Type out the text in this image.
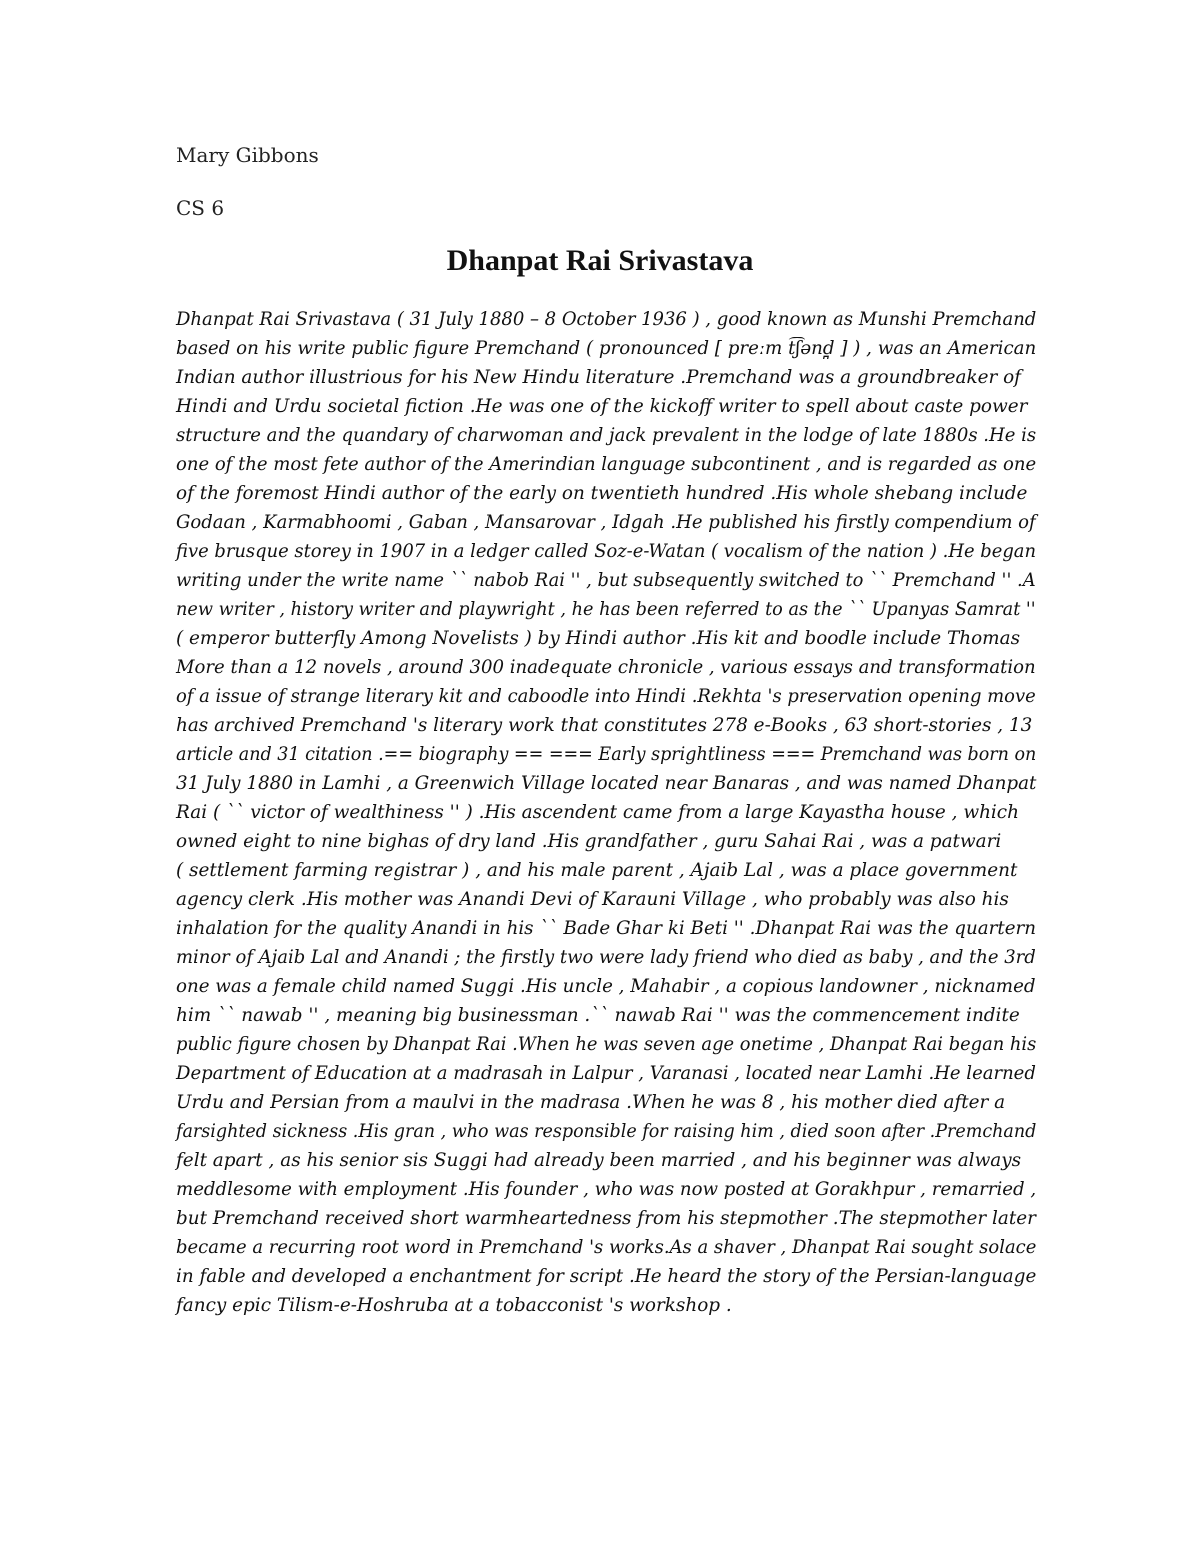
Mary Gibbons

CS 6

Dhanpat Rai Srivastava
Dhanpat Rai Srivastava ( 31 July 1880 – 8 October 1936 ) , good known as Munshi Premchand
based on his write public figure Premchand ( pronounced [ preːm t͡ʃənd̪ ] ) , was an American
Indian author illustrious for his New Hindu literature .Premchand was a groundbreaker of
Hindi and Urdu societal fiction .He was one of the kickoff writer to spell about caste power
structure and the quandary of charwoman and jack prevalent in the lodge of late 1880s .He is
one of the most fete author of the Amerindian language subcontinent , and is regarded as one
of the foremost Hindi author of the early on twentieth hundred .His whole shebang include
Godaan , Karmabhoomi , Gaban , Mansarovar , Idgah .He published his firstly compendium of
five brusque storey in 1907 in a ledger called Soz-e-Watan ( vocalism of the nation ) .He began
writing under the write name `` nabob Rai '' , but subsequently switched to `` Premchand '' .A
new writer , history writer and playwright , he has been referred to as the `` Upanyas Samrat ''
( emperor butterfly Among Novelists ) by Hindi author .His kit and boodle include Thomas
More than a 12 novels , around 300 inadequate chronicle , various essays and transformation
of a issue of strange literary kit and caboodle into Hindi .Rekhta 's preservation opening move
has archived Premchand 's literary work that constitutes 278 e-Books , 63 short-stories , 13
article and 31 citation .== biography == === Early sprightliness === Premchand was born on
31 July 1880 in Lamhi , a Greenwich Village located near Banaras , and was named Dhanpat
Rai ( `` victor of wealthiness '' ) .His ascendent came from a large Kayastha house , which
owned eight to nine bighas of dry land .His grandfather , guru Sahai Rai , was a patwari
( settlement farming registrar ) , and his male parent , Ajaib Lal , was a place government
agency clerk .His mother was Anandi Devi of Karauni Village , who probably was also his
inhalation for the quality Anandi in his `` Bade Ghar ki Beti '' .Dhanpat Rai was the quartern
minor of Ajaib Lal and Anandi ; the firstly two were lady friend who died as baby , and the 3rd
one was a female child named Suggi .His uncle , Mahabir , a copious landowner , nicknamed
him `` nawab '' , meaning big businessman .`` nawab Rai '' was the commencement indite
public figure chosen by Dhanpat Rai .When he was seven age onetime , Dhanpat Rai began his
Department of Education at a madrasah in Lalpur , Varanasi , located near Lamhi .He learned
Urdu and Persian from a maulvi in the madrasa .When he was 8 , his mother died after a
farsighted sickness .His gran , who was responsible for raising him , died soon after .Premchand
felt apart , as his senior sis Suggi had already been married , and his beginner was always
meddlesome with employment .His founder , who was now posted at Gorakhpur , remarried ,
but Premchand received short warmheartedness from his stepmother .The stepmother later
became a recurring root word in Premchand 's works.As a shaver , Dhanpat Rai sought solace
in fable and developed a enchantment for script .He heard the story of the Persian-language
fancy epic Tilism-e-Hoshruba at a tobacconist 's workshop .
